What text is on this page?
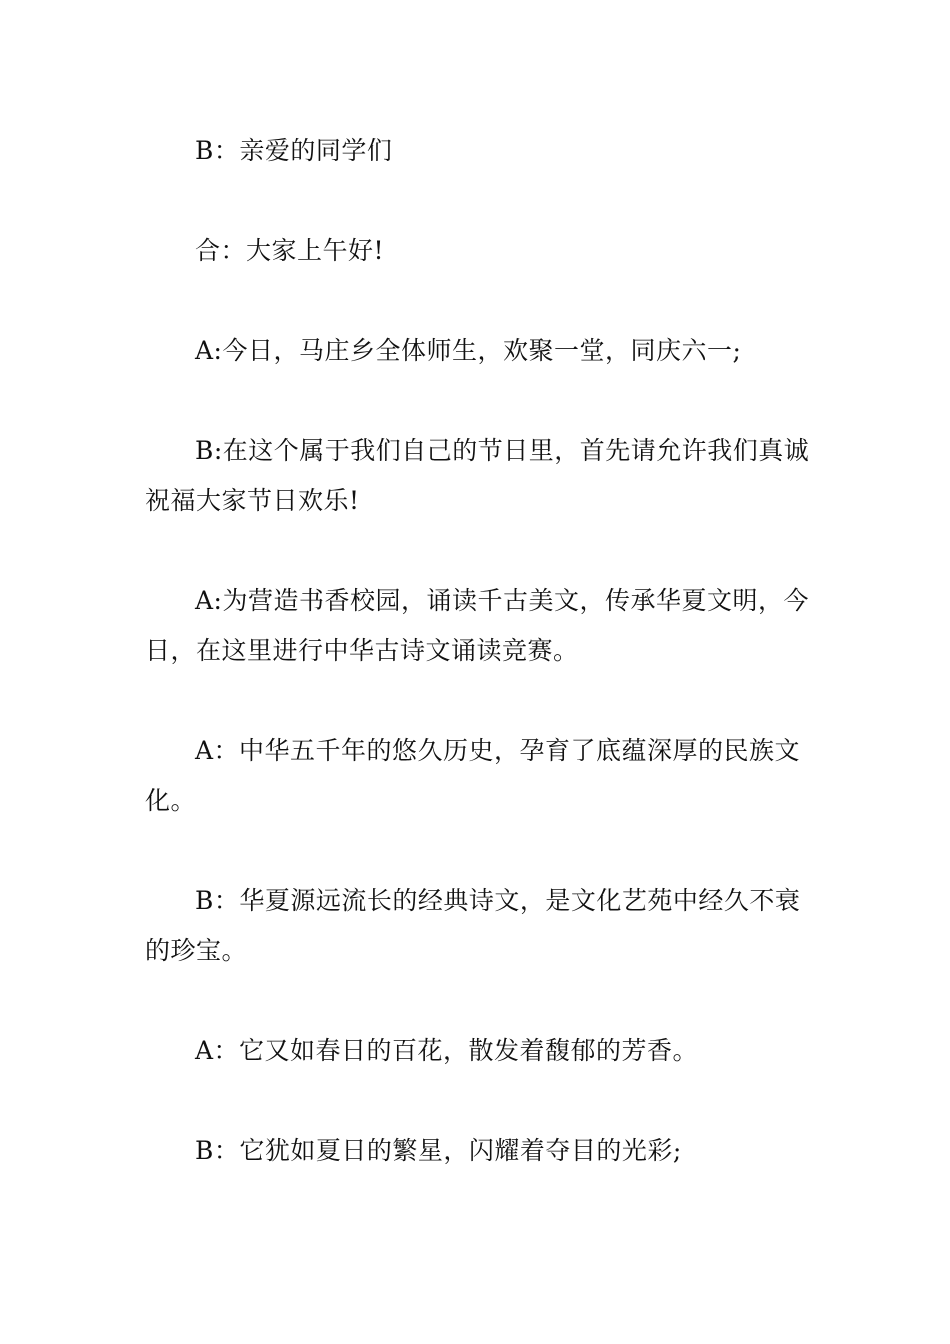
B：亲爱的同学们

合：大家上午好!

A:今日，马庄乡全体师生，欢聚一堂，同庆六一;

B:在这个属于我们自己的节日里，首先请允许我们真诚祝福大家节日欢乐!

A:为营造书香校园，诵读千古美文，传承华夏文明，今日，在这里进行中华古诗文诵读竞赛。

A：中华五千年的悠久历史，孕育了底蕴深厚的民族文化。

B：华夏源远流长的经典诗文，是文化艺苑中经久不衰的珍宝。

A：它又如春日的百花，散发着馥郁的芳香。

B：它犹如夏日的繁星，闪耀着夺目的光彩;
